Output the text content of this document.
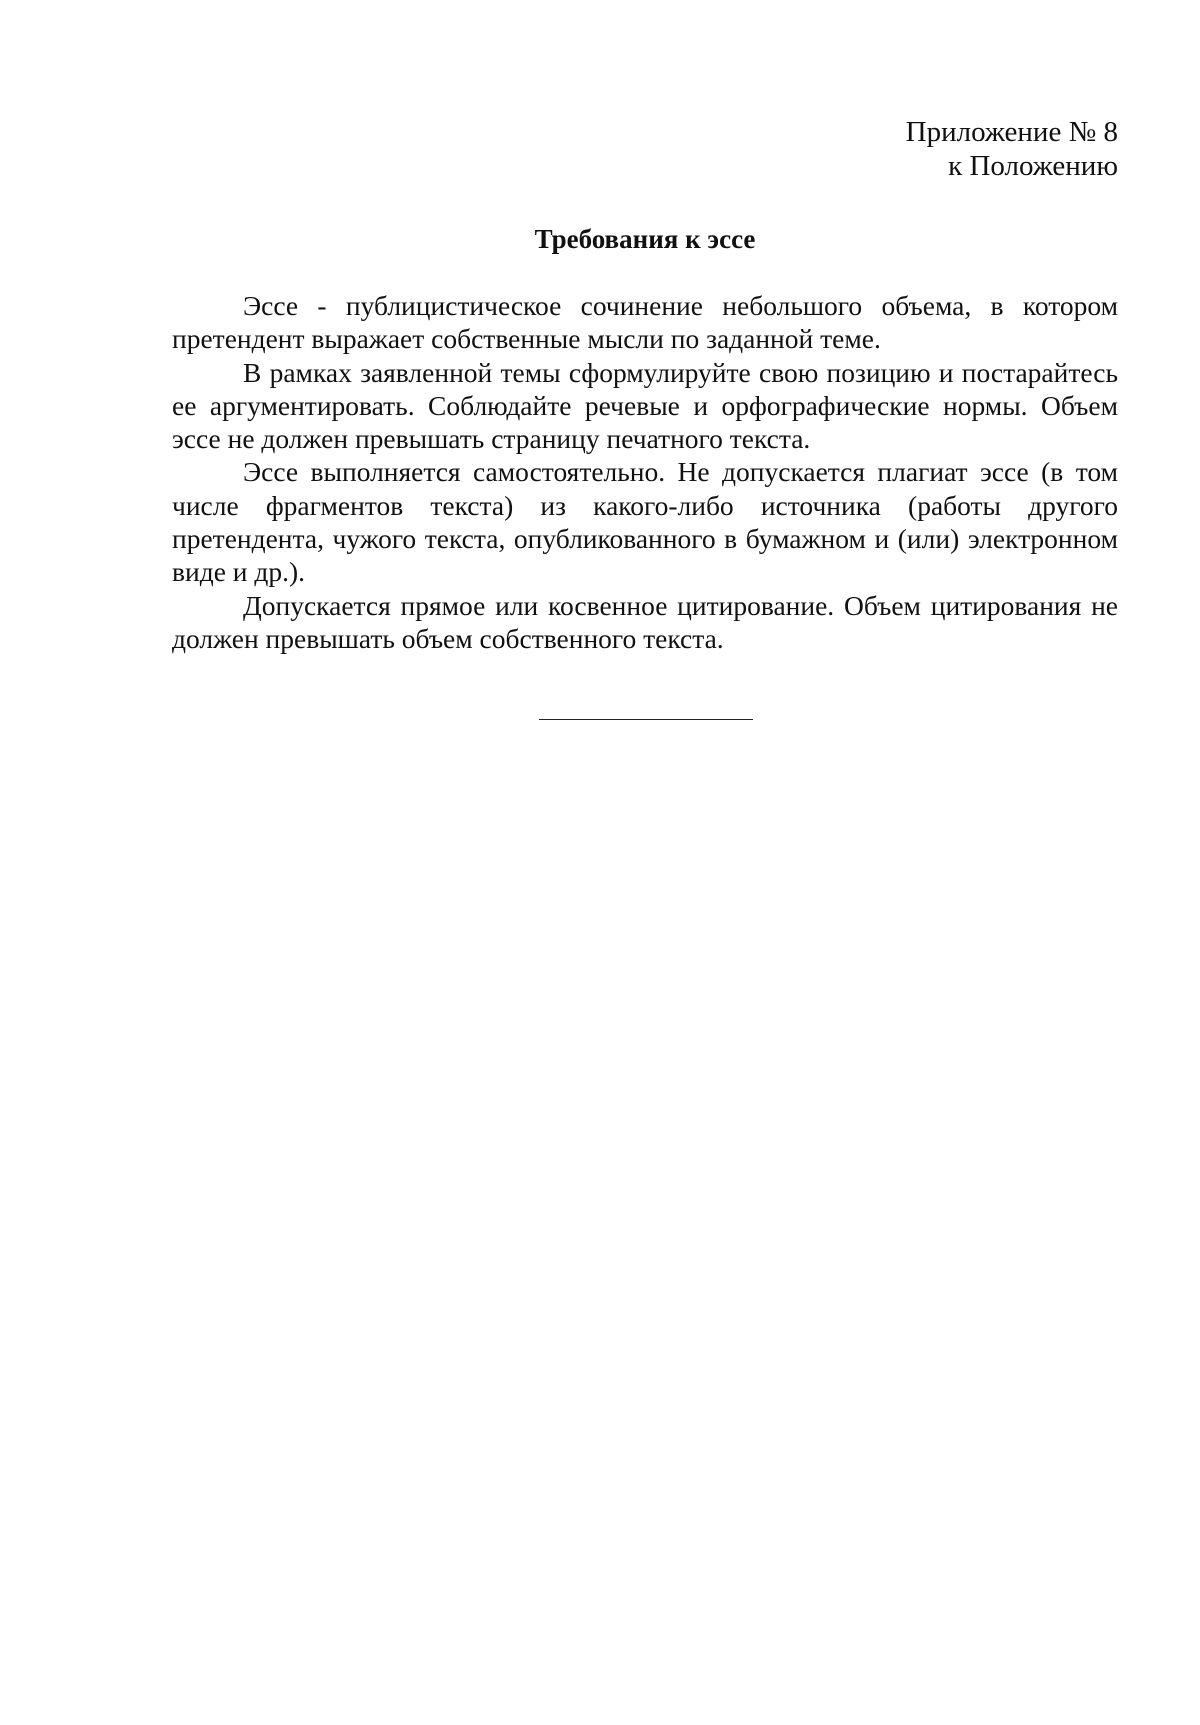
Приложение № 8
к Положению
Требования к эссе

Эссе - публицистическое сочинение небольшого объема, в котором претендент выражает собственные мысли по заданной теме.

В рамках заявленной темы сформулируйте свою позицию и постарайтесь ее аргументировать. Соблюдайте речевые и орфографические нормы. Объем эссе не должен превышать страницу печатного текста.

Эссе выполняется самостоятельно. Не допускается плагиат эссе (в том числе фрагментов текста) из какого-либо источника (работы другого претендента, чужого текста, опубликованного в бумажном и (или) электронном виде и др.).

Допускается прямое или косвенное цитирование. Объем цитирования не должен превышать объем собственного текста.
